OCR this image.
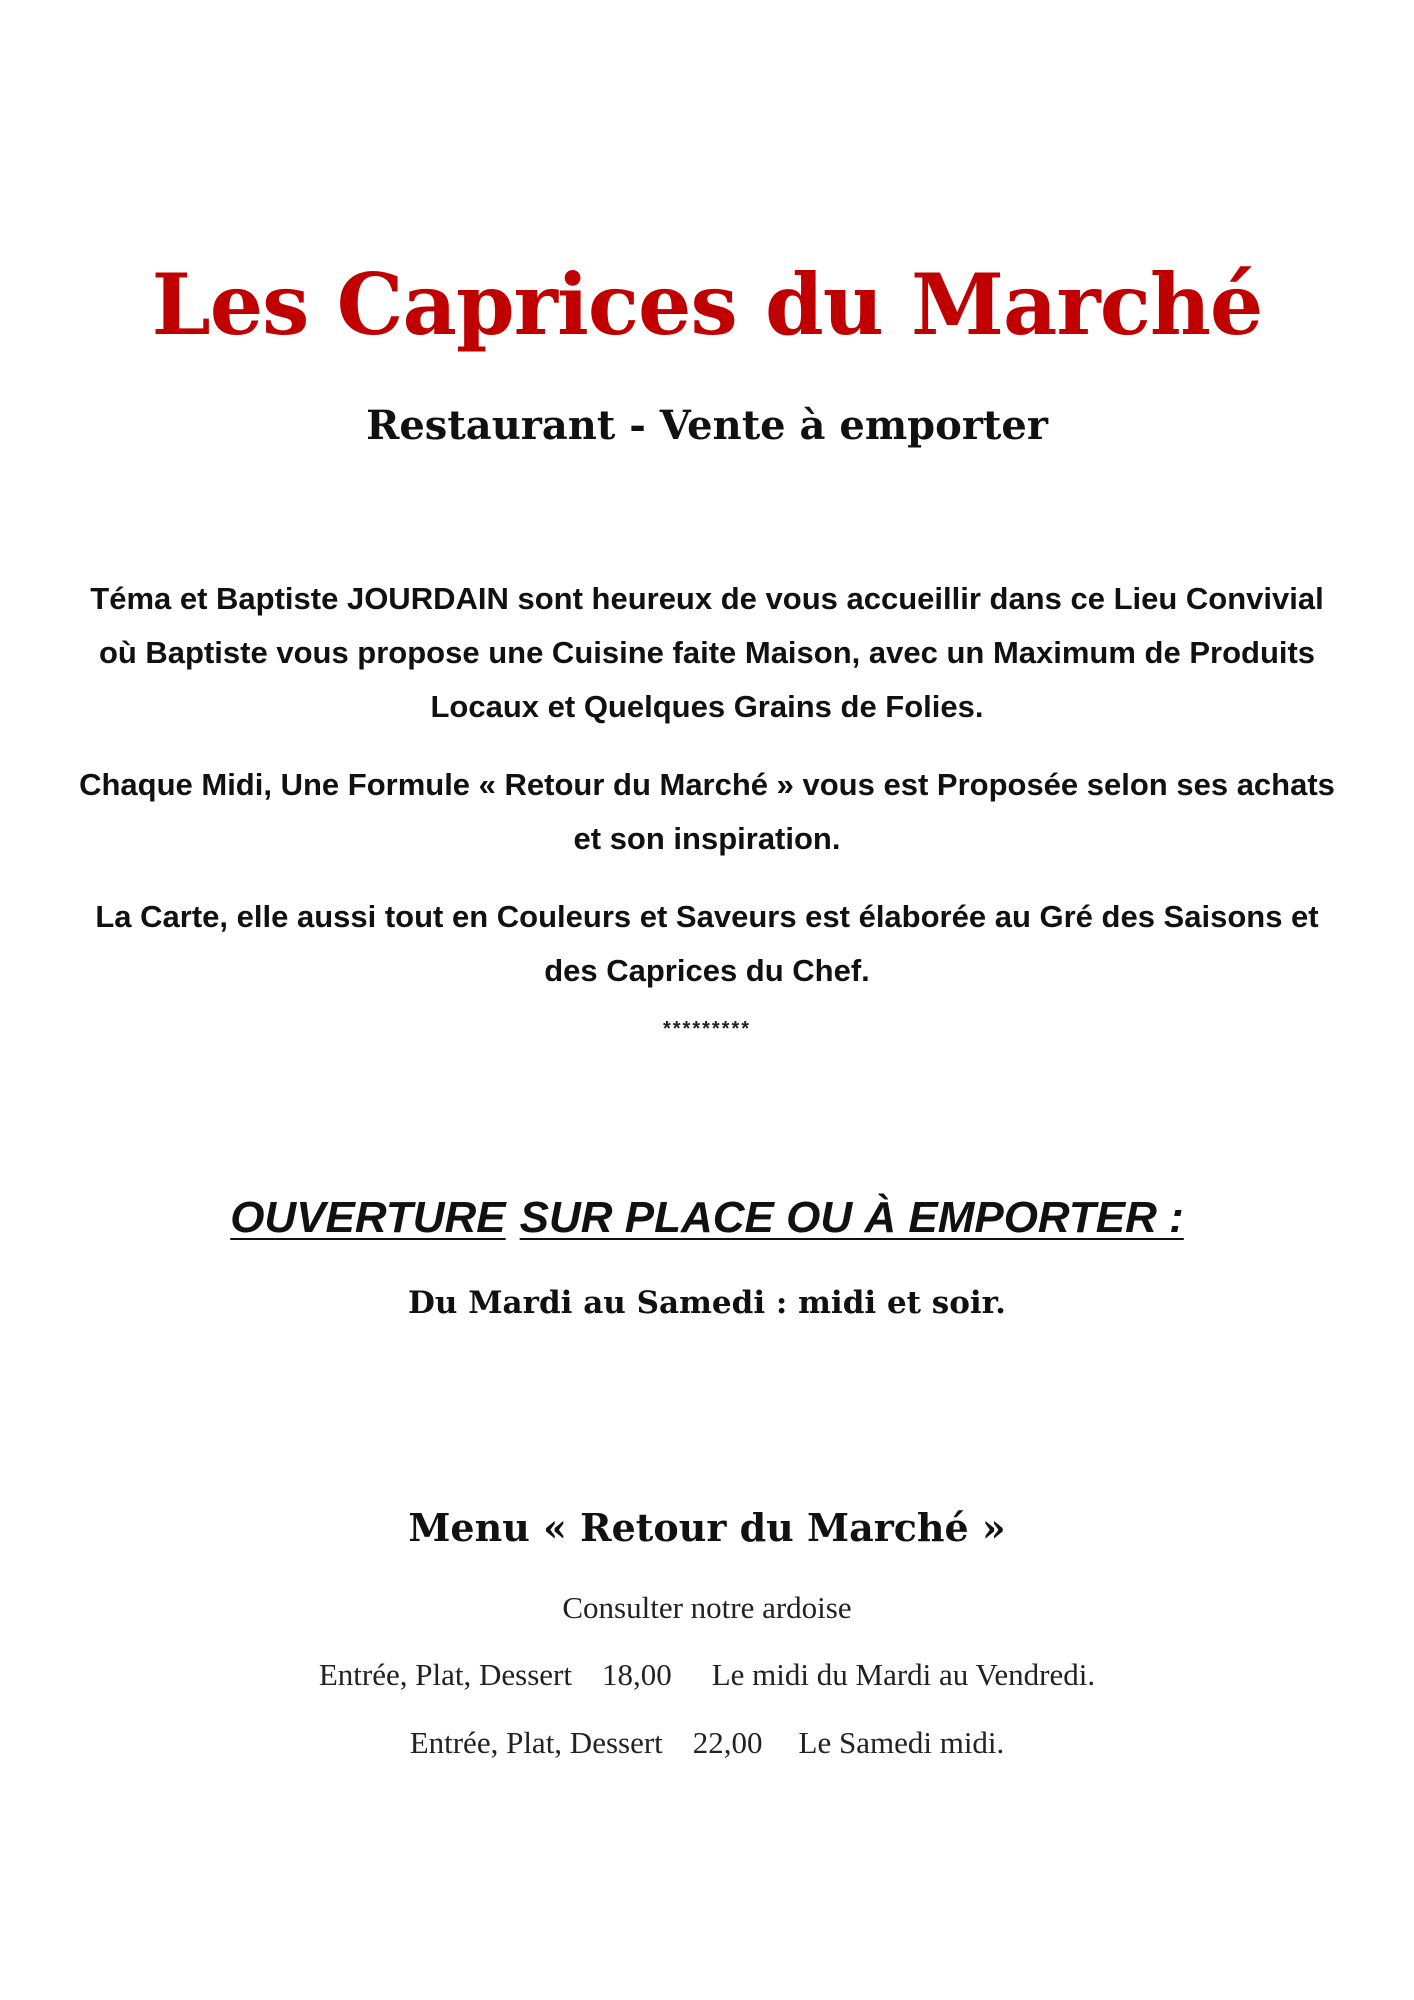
Les Caprices du Marché
Restaurant - Vente à emporter

Téma et Baptiste JOURDAIN sont heureux de vous accueillir dans ce Lieu Convivial où Baptiste vous propose une Cuisine faite Maison, avec un Maximum de Produits Locaux et Quelques Grains de Folies.

Chaque Midi, Une Formule « Retour du Marché » vous est Proposée selon ses achats et son inspiration.

La Carte, elle aussi tout en Couleurs et Saveurs est élaborée au Gré des Saisons et des Caprices du Chef.

*********
OUVERTURE SUR PLACE OU À EMPORTER :
Du Mardi au Samedi : midi et soir.
Menu « Retour du Marché »
Consulter notre ardoise
Entrée, Plat, Dessert 18,00 Le midi du Mardi au Vendredi.
Entrée, Plat, Dessert 22,00 Le Samedi midi.
